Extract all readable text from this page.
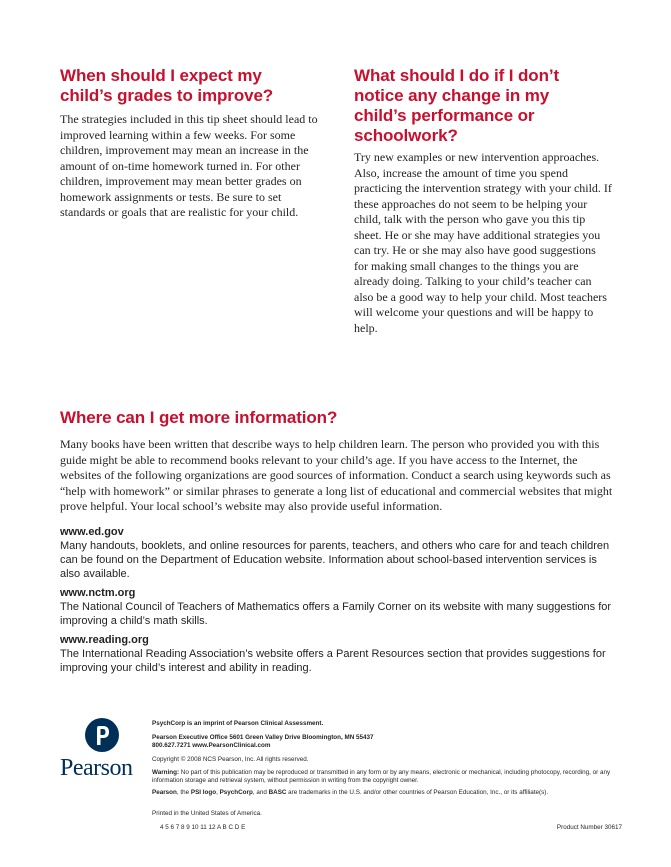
When should I expect my
child’s grades to improve?

The strategies included in this tip sheet should lead to improved learning within a few weeks. For some children, improvement may mean an increase in the amount of on-time homework turned in. For other children, improvement may mean better grades on homework assignments or tests. Be sure to set standards or goals that are realistic for your child.

What should I do if I don’t
notice any change in my
child’s performance or
schoolwork?

Try new examples or new intervention approaches. Also, increase the amount of time you spend practicing the intervention strategy with your child. If these approaches do not seem to be helping your child, talk with the person who gave you this tip sheet. He or she may have additional strategies you can try. He or she may also have good suggestions for making small changes to the things you are already doing. Talking to your child’s teacher can also be a good way to help your child. Most teachers will welcome your questions and will be happy to help.

Where can I get more information?

Many books have been written that describe ways to help children learn. The person who provided you with this guide might be able to recommend books relevant to your child’s age. If you have access to the Internet, the websites of the following organizations are good sources of information. Conduct a search using keywords such as “help with homework” or similar phrases to generate a long list of educational and commercial websites that might prove helpful. Your local school’s website may also provide useful information.

www.ed.gov
Many handouts, booklets, and online resources for parents, teachers, and others who care for and teach children can be found on the Department of Education website. Information about school-based intervention services is also available.
www.nctm.org
The National Council of Teachers of Mathematics offers a Family Corner on its website with many suggestions for improving a child’s math skills.
www.reading.org
The International Reading Association’s website offers a Parent Resources section that provides suggestions for improving your child’s interest and ability in reading.
Pearson

PsychCorp is an imprint of Pearson Clinical Assessment.

Pearson Executive Office 5601 Green Valley Drive Bloomington, MN 55437

800.627.7271 www.PearsonClinical.com

Copyright © 2008 NCS Pearson, Inc. All rights reserved.

Warning: No part of this publication may be reproduced or transmitted in any form or by any means, electronic or mechanical, including photocopy, recording, or any information storage and retrieval system, without permission in writing from the copyright owner.

Pearson, the PSI logo, PsychCorp, and BASC are trademarks in the U.S. and/or other countries of Pearson Education, Inc., or its affiliate(s).

Printed in the United States of America.

4 5 6 7 8 9 10 11 12 A B C D E	Product Number 30617
